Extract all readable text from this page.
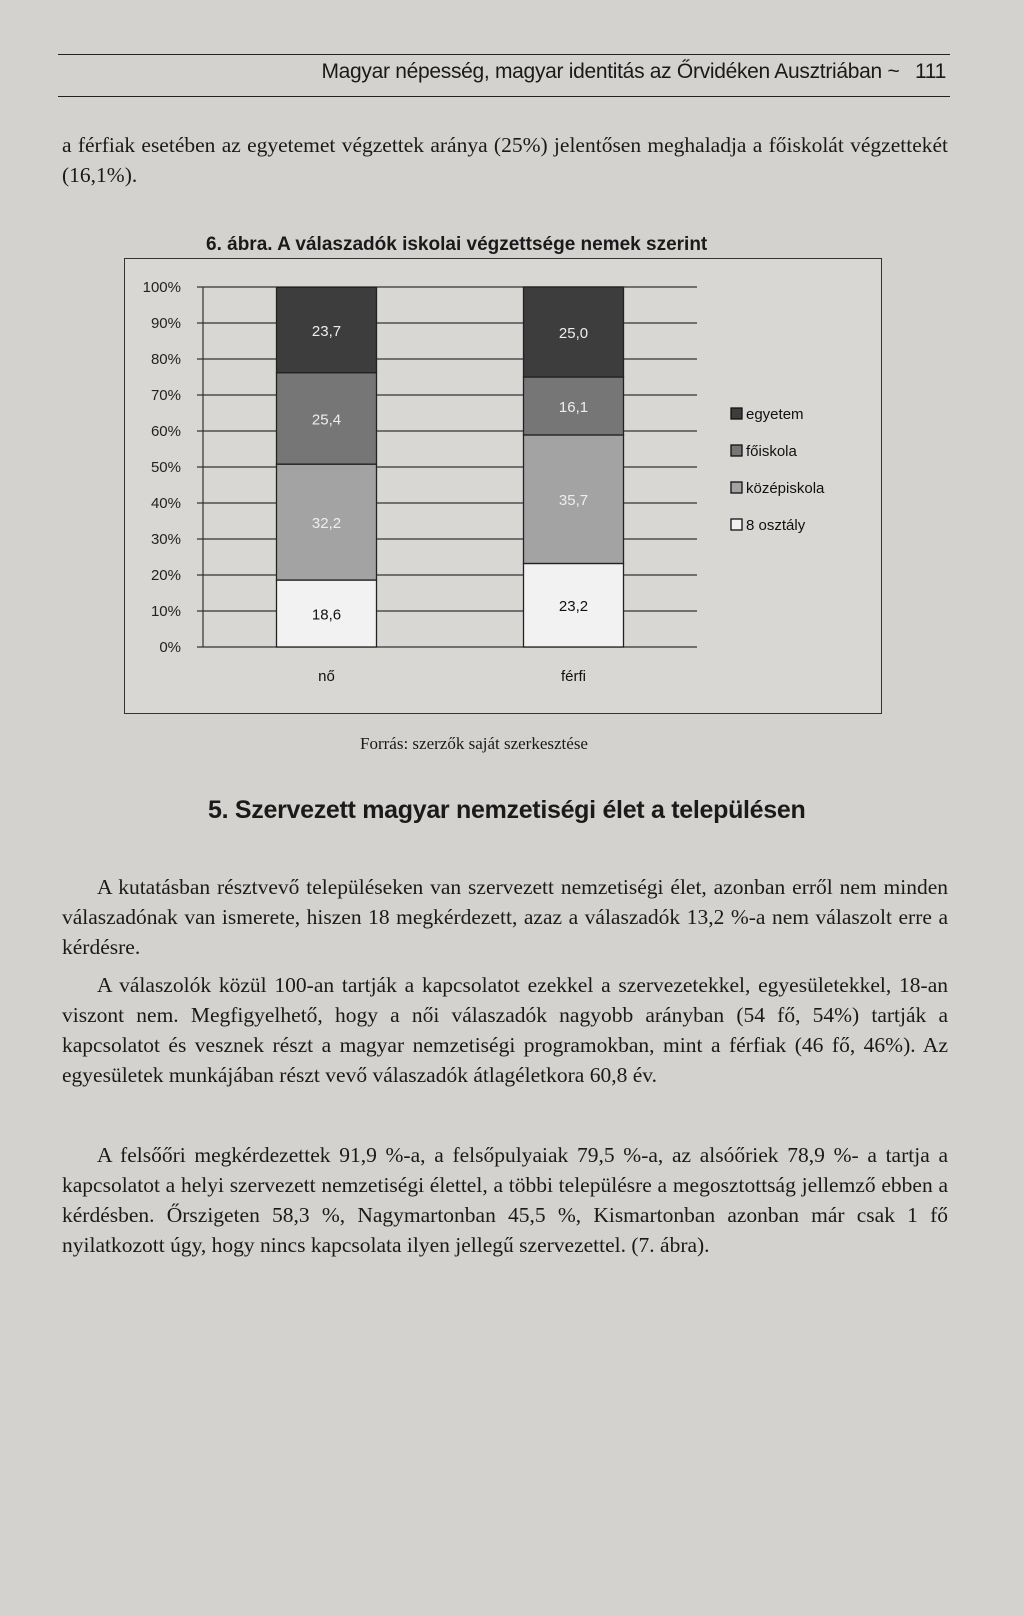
Magyar népesség, magyar identitás az Őrvidéken Ausztriában ~ 111
a férfiak esetében az egyetemet végzettek aránya (25%) jelentősen meghaladja a főiskolát végzettekét (16,1%).
6. ábra. A válaszadók iskolai végzettsége nemek szerint
0%
10%
20%
30%
40%
50%
60%
70%
80%
90%
100%
18,6
32,2
25,4
23,7
nő
23,2
35,7
16,1
25,0
férfi
egyetem
főiskola
középiskola
8 osztály
Forrás: szerzők saját szerkesztése
5. Szervezett magyar nemzetiségi élet a településen
A kutatásban résztvevő településeken van szervezett nemzetiségi élet, azonban erről nem minden válaszadónak van ismerete, hiszen 18 megkérdezett, azaz a válaszadók 13,2 %-a nem válaszolt erre a kérdésre.
A válaszolók közül 100-an tartják a kapcsolatot ezekkel a szervezetekkel, egyesületekkel, 18-an viszont nem. Megfigyelhető, hogy a női válaszadók nagyobb arányban (54 fő, 54%) tartják a kapcsolatot és vesznek részt a magyar nemzetiségi programokban, mint a férfiak (46 fő, 46%). Az egyesületek munkájában részt vevő válaszadók átlagéletkora 60,8 év.
A felsőőri megkérdezettek 91,9 %-a, a felsőpulyaiak 79,5 %-a, az alsóőriek 78,9 %- a tartja a kapcsolatot a helyi szervezett nemzetiségi élettel, a többi településre a megosztottság jellemző ebben a kérdésben. Őrszigeten 58,3 %, Nagymartonban 45,5 %, Kismartonban azonban már csak 1 fő nyilatkozott úgy, hogy nincs kapcsolata ilyen jellegű szervezettel. (7. ábra).
